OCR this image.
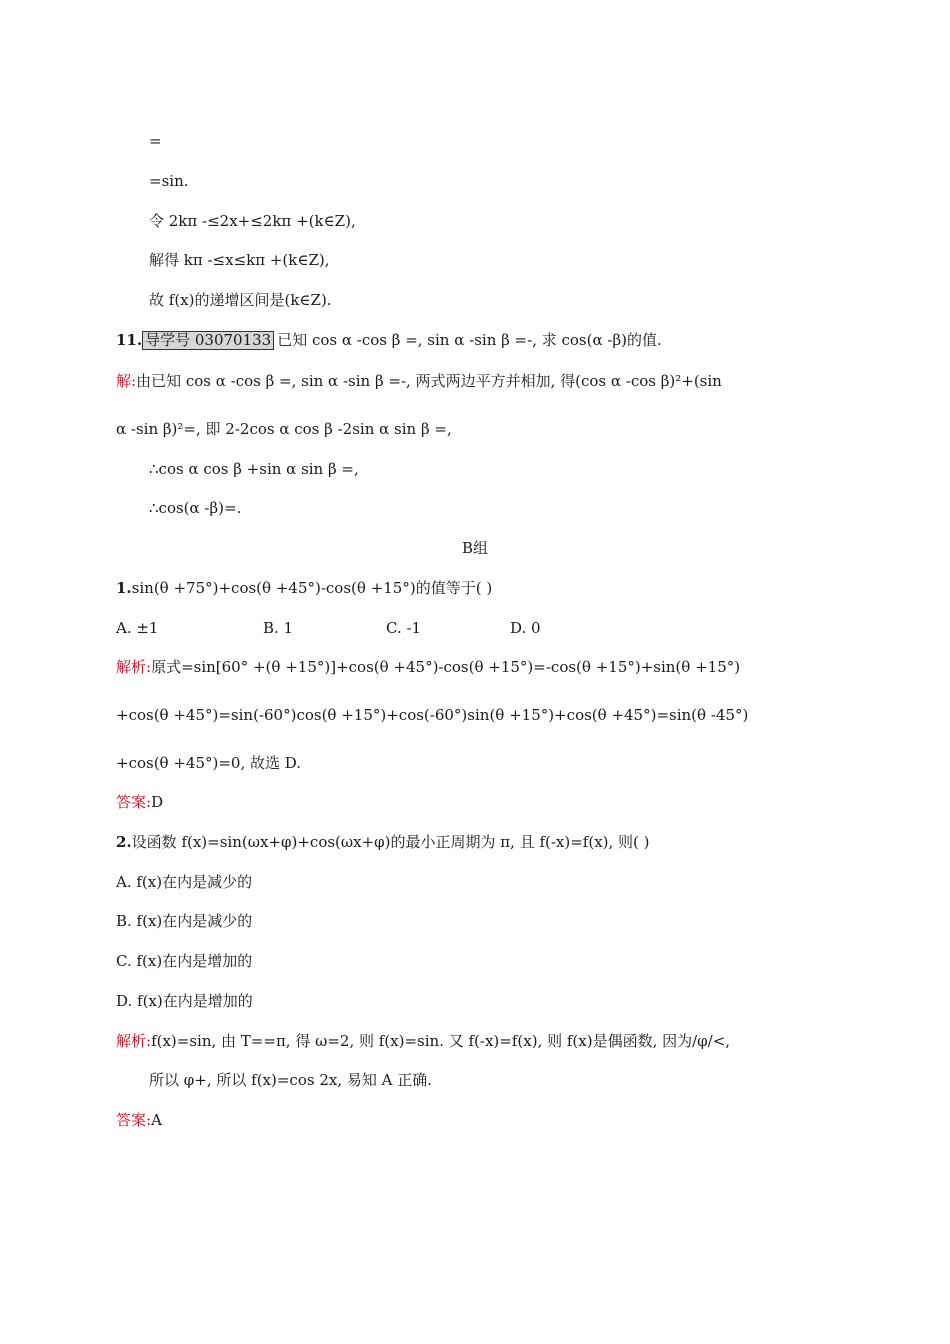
=
=sin.
令 2kπ -≤2x+≤2kπ +(k∈Z),
解得 kπ -≤x≤kπ +(k∈Z),
故 f(x)的递增区间是(k∈Z).
11. 导学号 03070133 已知 cos α -cos β =, sin α -sin β =-, 求 cos(α -β)的值.
解:由已知 cos α -cos β =, sin α -sin β =-, 两式两边平方并相加, 得(cos α -cos β)²+(sin
α -sin β)²=, 即 2-2cos α cos β -2sin α sin β =,
∴cos α cos β +sin α sin β =,
∴cos(α -β)=.
B组
1.sin(θ +75°)+cos(θ +45°)-cos(θ +15°)的值等于( )
A. ±1	B. 1	C. -1	D. 0
解析:原式=sin[60° +(θ +15°)]+cos(θ +45°)-cos(θ +15°)=-cos(θ +15°)+sin(θ +15°)
+cos(θ +45°)=sin(-60°)cos(θ +15°)+cos(-60°)sin(θ +15°)+cos(θ +45°)=sin(θ -45°)
+cos(θ +45°)=0, 故选 D.
答案:D
2.设函数 f(x)=sin(ωx+φ)+cos(ωx+φ)的最小正周期为 π, 且 f(-x)=f(x), 则( )
A. f(x)在内是减少的
B. f(x)在内是减少的
C. f(x)在内是增加的
D. f(x)在内是增加的
解析:f(x)=sin, 由 T==π, 得 ω=2, 则 f(x)=sin. 又 f(-x)=f(x), 则 f(x)是偶函数, 因为/φ/<,
所以 φ+, 所以 f(x)=cos 2x, 易知 A 正确.
答案:A
